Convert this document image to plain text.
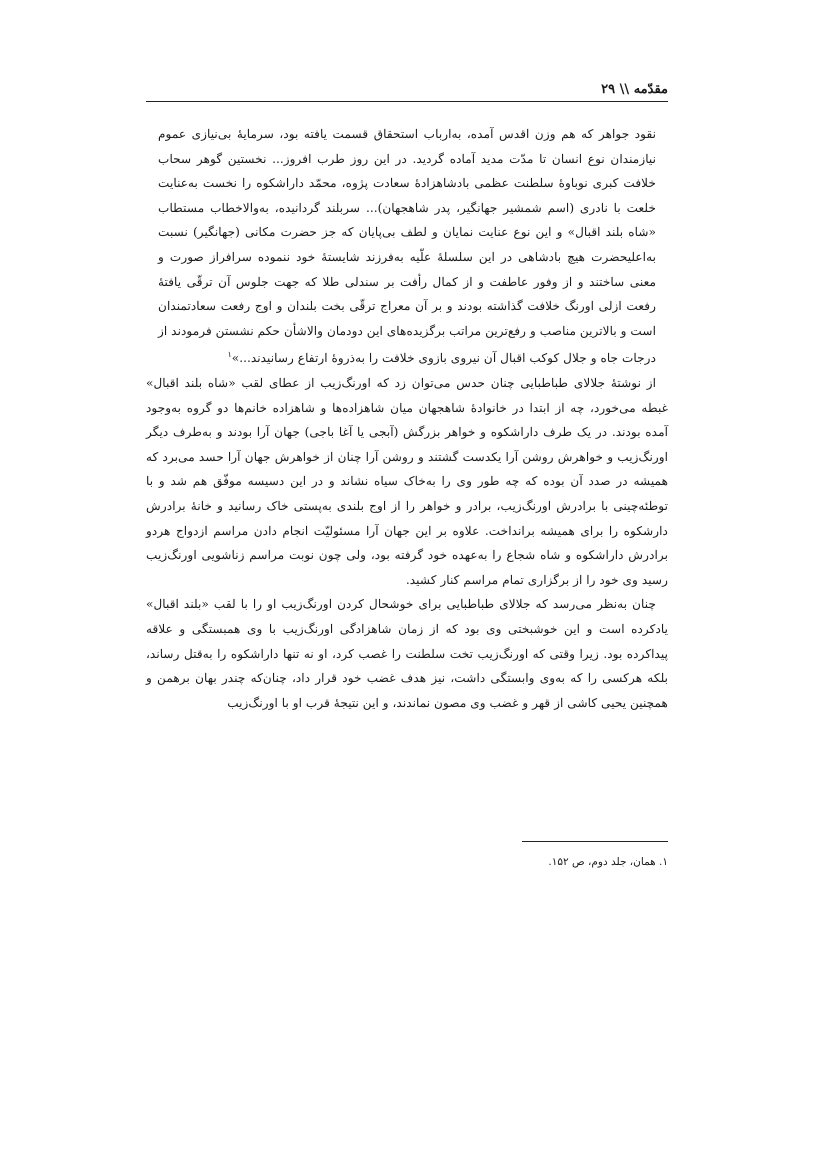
مقدّمه \\ ۲۹

نقود جواهر که هم وزن اقدس آمده، به‌ارباب استحقاق قسمت یافته بود، سرمایهٔ بی‌نیازی عموم نیازمندان نوع انسان تا مدّت مدید آماده گردید. در این روز طرب افروز... نخستین گوهر سحاب خلافت کبری نوباوهٔ سلطنت عظمی بادشاهزادهٔ سعادت پژوه، محمّد داراشکوه را نخست به‌عنایت خلعت با نادری (اسم شمشیر جهانگیر، پدر شاهجهان)... سربلند گردانیده، به‌والاخطاب مستطاب «شاه بلند اقبال» و این نوع عنایت نمایان و لطف بی‌پایان که جز حضرت مکانی (جهانگیر) نسبت به‌اعلیحضرت هیچ بادشاهی در این سلسلهٔ علّیه به‌فرزند شایستهٔ خود ننموده سرافراز صورت و معنی ساختند و از وفور عاطفت و از کمال رأفت بر سندلی طلا که جهت جلوس آن ترقّی یافتهٔ رفعت ازلی اورنگ خلافت گذاشته بودند و بر آن معراج ترقّی بخت بلندان و اوج رفعت سعادتمندان است و بالاترین مناصب و رفع‌ترین مراتب برگزیده‌های این دودمان والاشأن حکم نشستن فرمودند از درجات جاه و جلال کوکب اقبال آن نیروی بازوی خلافت را به‌ذروهٔ ارتفاع رسانیدند...»$^۱$

از نوشتهٔ جلالای طباطبایی چنان حدس می‌توان زد که اورنگ‌زیب از عطای لقب «شاه بلند اقبال» غبطه می‌خورد، چه از ابتدا در خانوادهٔ شاهجهان میان شاهزاده‌ها و شاهزاده خانم‌ها دو گروه به‌وجود آمده بودند. در یک طرف داراشکوه و خواهر بزرگش (آبجی یا آغا باجی) جهان آرا بودند و به‌طرف دیگر اورنگ‌زیب و خواهرش روشن آرا یکدست گشتند و روشن آرا چنان از خواهرش جهان آرا حسد می‌برد که همیشه در صدد آن بوده که چه طور وی را به‌خاک سیاه نشاند و در این دسیسه موفّق هم شد و با توطئه‌چینی با برادرش اورنگ‌زیب، برادر و خواهر را از اوج بلندی به‌پستی خاک رسانید و خانهٔ برادرش دارشکوه را برای همیشه برانداخت. علاوه بر این جهان آرا مسئولیّت انجام دادن مراسم ازدواج هردو برادرش داراشکوه و شاه شجاع را به‌عهده خود گرفته بود، ولی چون نوبت مراسم زناشویی اورنگ‌زیب رسید وی خود را از برگزاری تمام مراسم کنار کشید.

چنان به‌نظر می‌رسد که جلالای طباطبایی برای خوشحال کردن اورنگ‌زیب او را با لقب «بلند اقبال» یادکرده است و این خوشبختی وی بود که از زمان شاهزادگی اورنگ‌زیب با وی همبستگی و علاقه پیداکرده بود. زیرا وقتی که اورنگ‌زیب تخت سلطنت را غصب کرد، او نه تنها داراشکوه را به‌قتل رساند، بلکه هرکسی را که به‌وی وابستگی داشت، نیز هدف غضب خود قرار داد، چنان‌که چندر بهان برهمن و همچنین یحیی کاشی از قهر و غضب وی مصون نماندند، و این نتیجهٔ قرب او با اورنگ‌زیب

۱. همان، جلد دوم، ص ۱۵۲.
